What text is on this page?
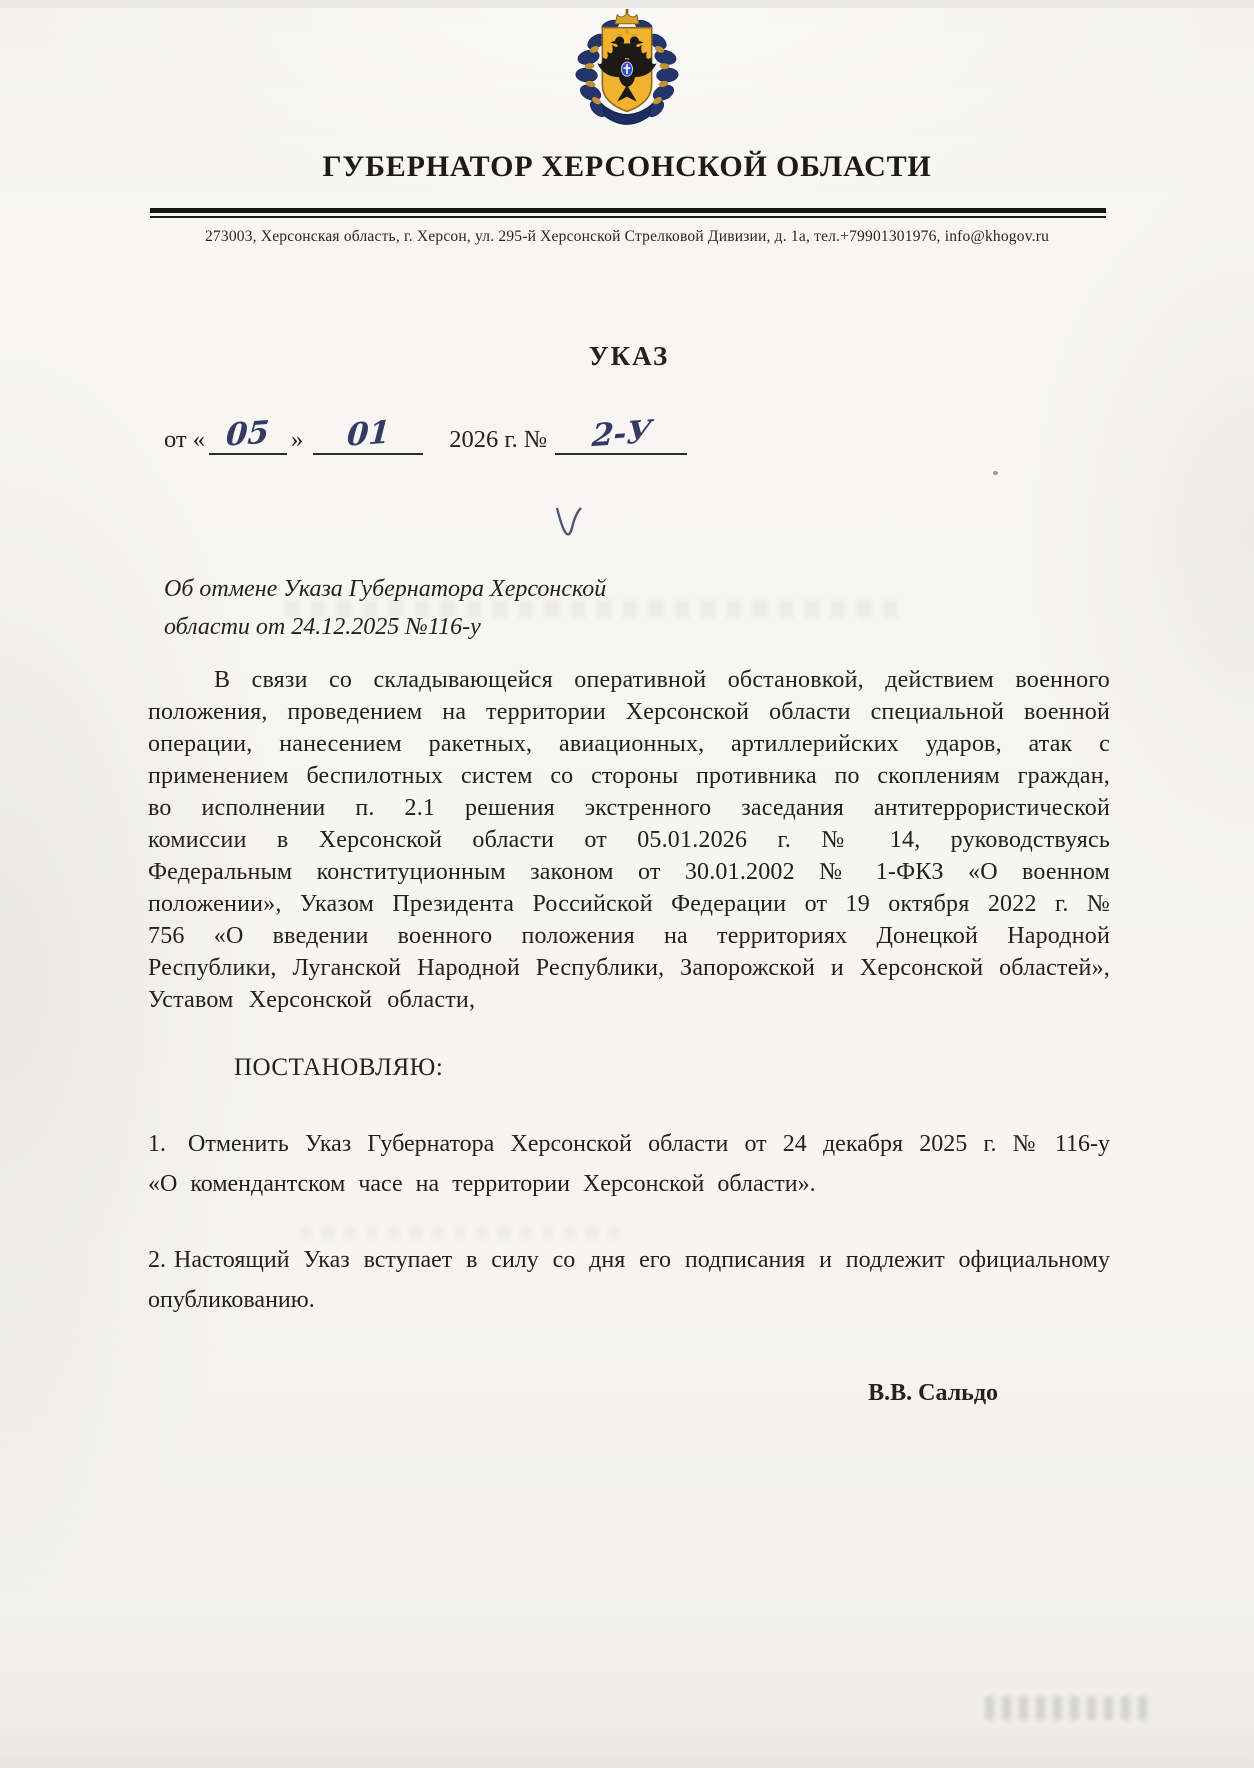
ГУБЕРНАТОР ХЕРСОНСКОЙ ОБЛАСТИ
273003, Херсонская область, г. Херсон, ул. 295-й Херсонской Стрелковой Дивизии, д. 1а, тел.+79901301976, info@khogov.ru
УКАЗ
от « 05 » 01 2026 г. № 2-У
Об отмене Указа Губернатора Херсонской области от 24.12.2025 №116-у

В связи со складывающейся оперативной обстановкой, действием военного положения, проведением на территории Херсонской области специальной военной операции, нанесением ракетных, авиационных, артиллерийских ударов, атак с применением беспилотных систем со стороны противника по скоплениям граждан, во исполнении п. 2.1 решения экстренного заседания антитеррористической комиссии в Херсонской области от 05.01.2026 г. № 14, руководствуясь Федеральным конституционным законом от 30.01.2002 № 1-ФКЗ «О военном положении», Указом Президента Российской Федерации от 19 октября 2022 г. № 756 «О введении военного положения на территориях Донецкой Народной Республики, Луганской Народной Республики, Запорожской и Херсонской областей», Уставом Херсонской области,

ПОСТАНОВЛЯЮ:

1. Отменить Указ Губернатора Херсонской области от 24 декабря 2025 г. № 116-у «О комендантском часе на территории Херсонской области».

2. Настоящий Указ вступает в силу со дня его подписания и подлежит официальному опубликованию.

В.В. Сальдо
